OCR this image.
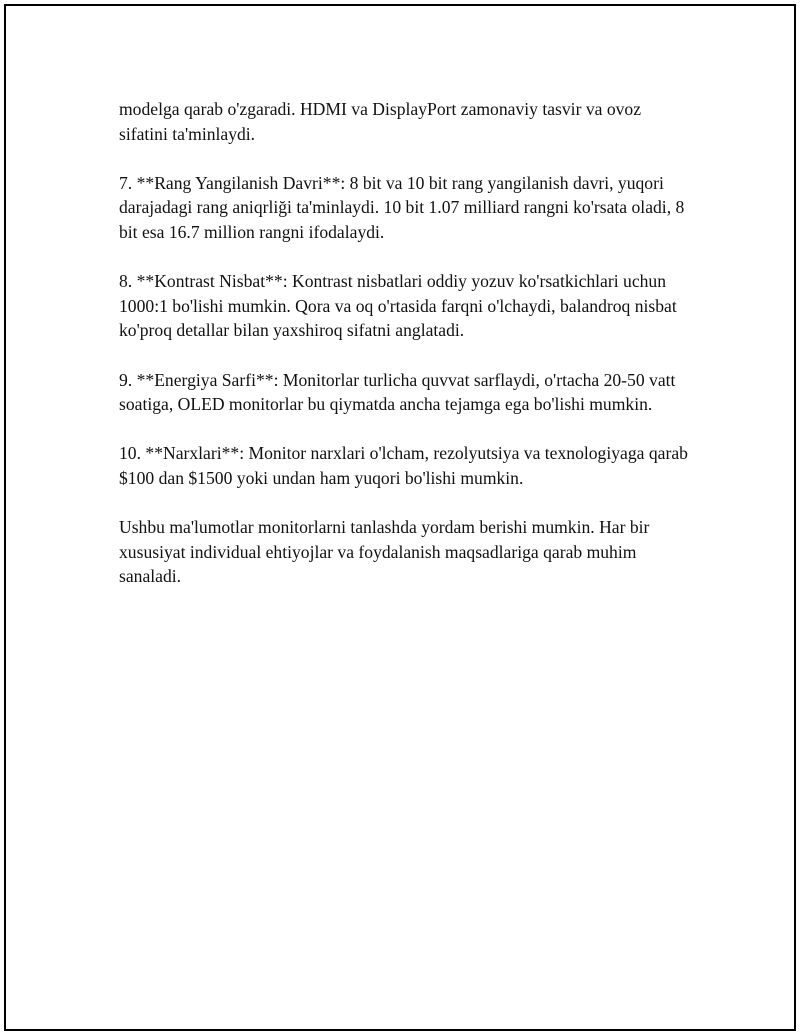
modelga qarab o'zgaradi. HDMI va DisplayPort zamonaviy tasvir va ovoz sifatini ta'minlaydi.

7. **Rang Yangilanish Davri**: 8 bit va 10 bit rang yangilanish davri, yuqori darajadagi rang aniqrliği ta'minlaydi. 10 bit 1.07 milliard rangni ko'rsata oladi, 8 bit esa 16.7 million rangni ifodalaydi.

8. **Kontrast Nisbat**: Kontrast nisbatlari oddiy yozuv ko'rsatkichlari uchun 1000:1 bo'lishi mumkin. Qora va oq o'rtasida farqni o'lchaydi, balandroq nisbat ko'proq detallar bilan yaxshiroq sifatni anglatadi.

9. **Energiya Sarfi**: Monitorlar turlicha quvvat sarflaydi, o'rtacha 20-50 vatt soatiga, OLED monitorlar bu qiymatda ancha tejamga ega bo'lishi mumkin.

10. **Narxlari**: Monitor narxlari o'lcham, rezolyutsiya va texnologiyaga qarab $100 dan $1500 yoki undan ham yuqori bo'lishi mumkin.

Ushbu ma'lumotlar monitorlarni tanlashda yordam berishi mumkin. Har bir xususiyat individual ehtiyojlar va foydalanish maqsadlariga qarab muhim sanaladi.
